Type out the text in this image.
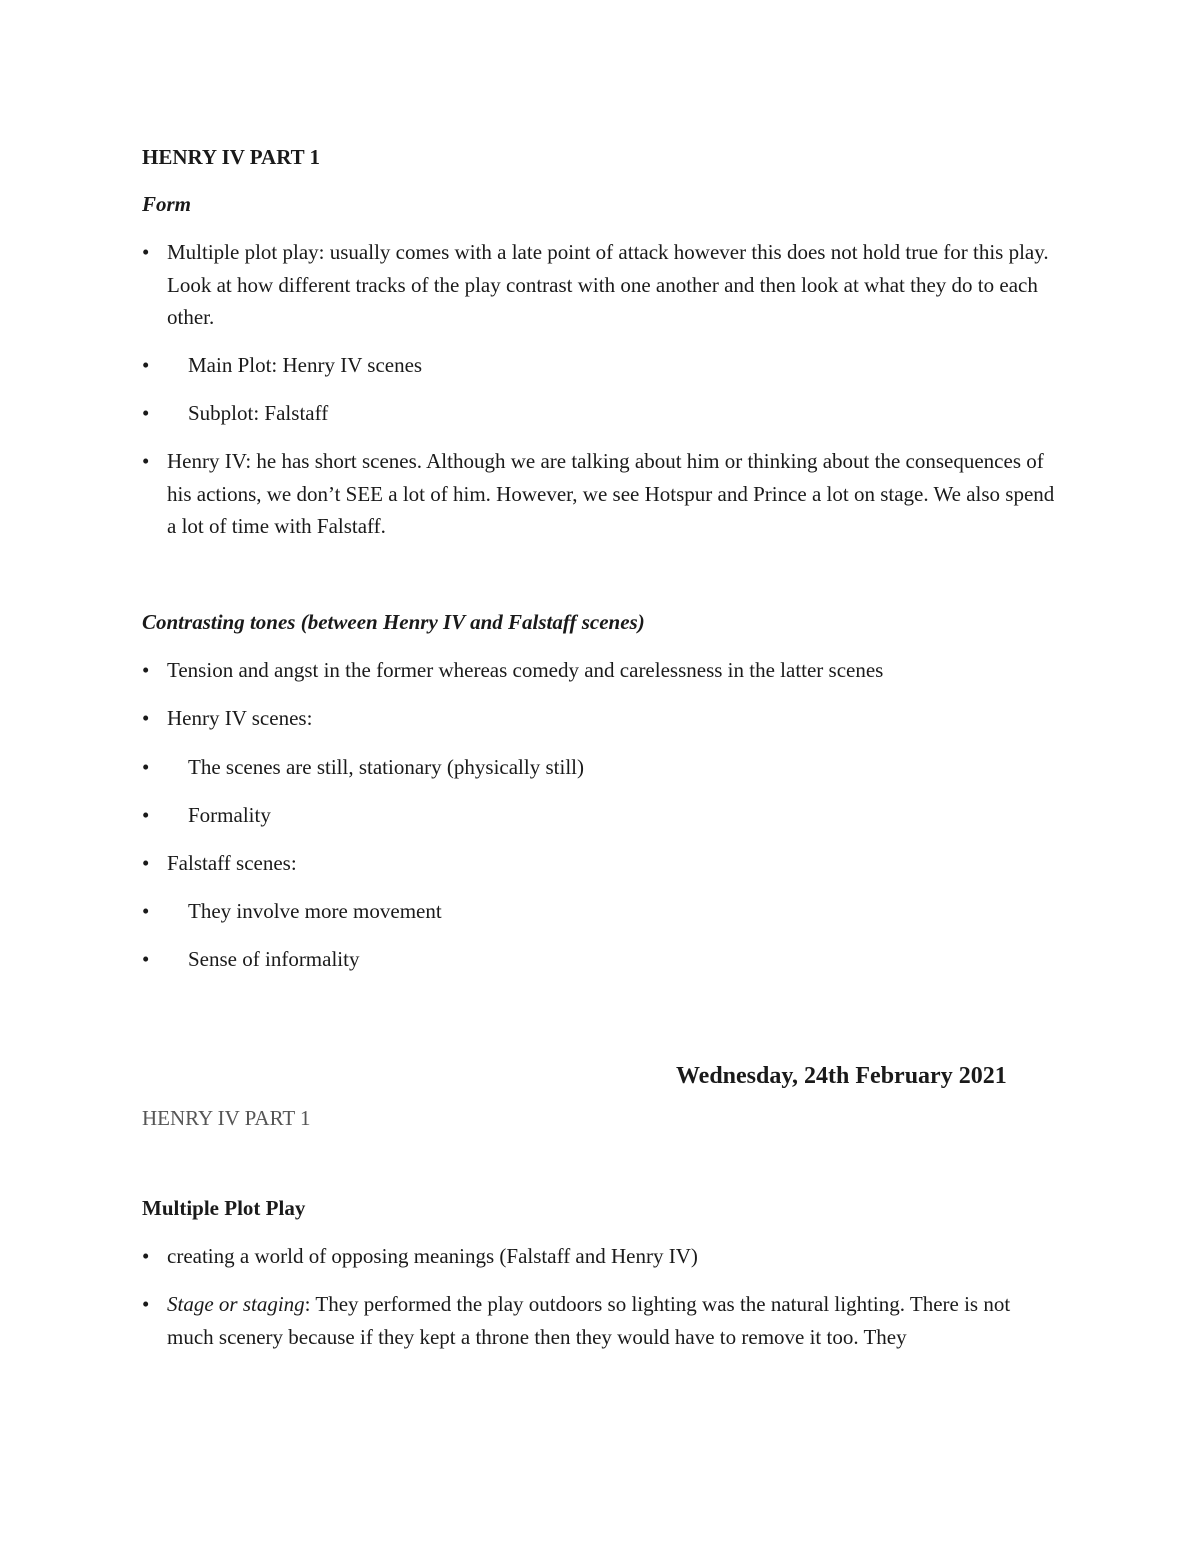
HENRY IV PART 1
Form
• Multiple plot play: usually comes with a late point of attack however this does not hold true for this play. Look at how different tracks of the play contrast with one another and then look at what they do to each other.
•	Main Plot: Henry IV scenes
•	Subplot: Falstaff
• Henry IV: he has short scenes. Although we are talking about him or thinking about the consequences of his actions, we don’t SEE a lot of him. However, we see Hotspur and Prince a lot on stage. We also spend a lot of time with Falstaff.
Contrasting tones (between Henry IV and Falstaff scenes)
• Tension and angst in the former whereas comedy and carelessness in the latter scenes
• Henry IV scenes:
•	The scenes are still, stationary (physically still)
•	Formality
• Falstaff scenes:
•	They involve more movement
•	Sense of informality
Wednesday, 24th February 2021
HENRY IV PART 1
Multiple Plot Play
• creating a world of opposing meanings (Falstaff and Henry IV)
• Stage or staging: They performed the play outdoors so lighting was the natural lighting. There is not much scenery because if they kept a throne then they would have to remove it too. They
